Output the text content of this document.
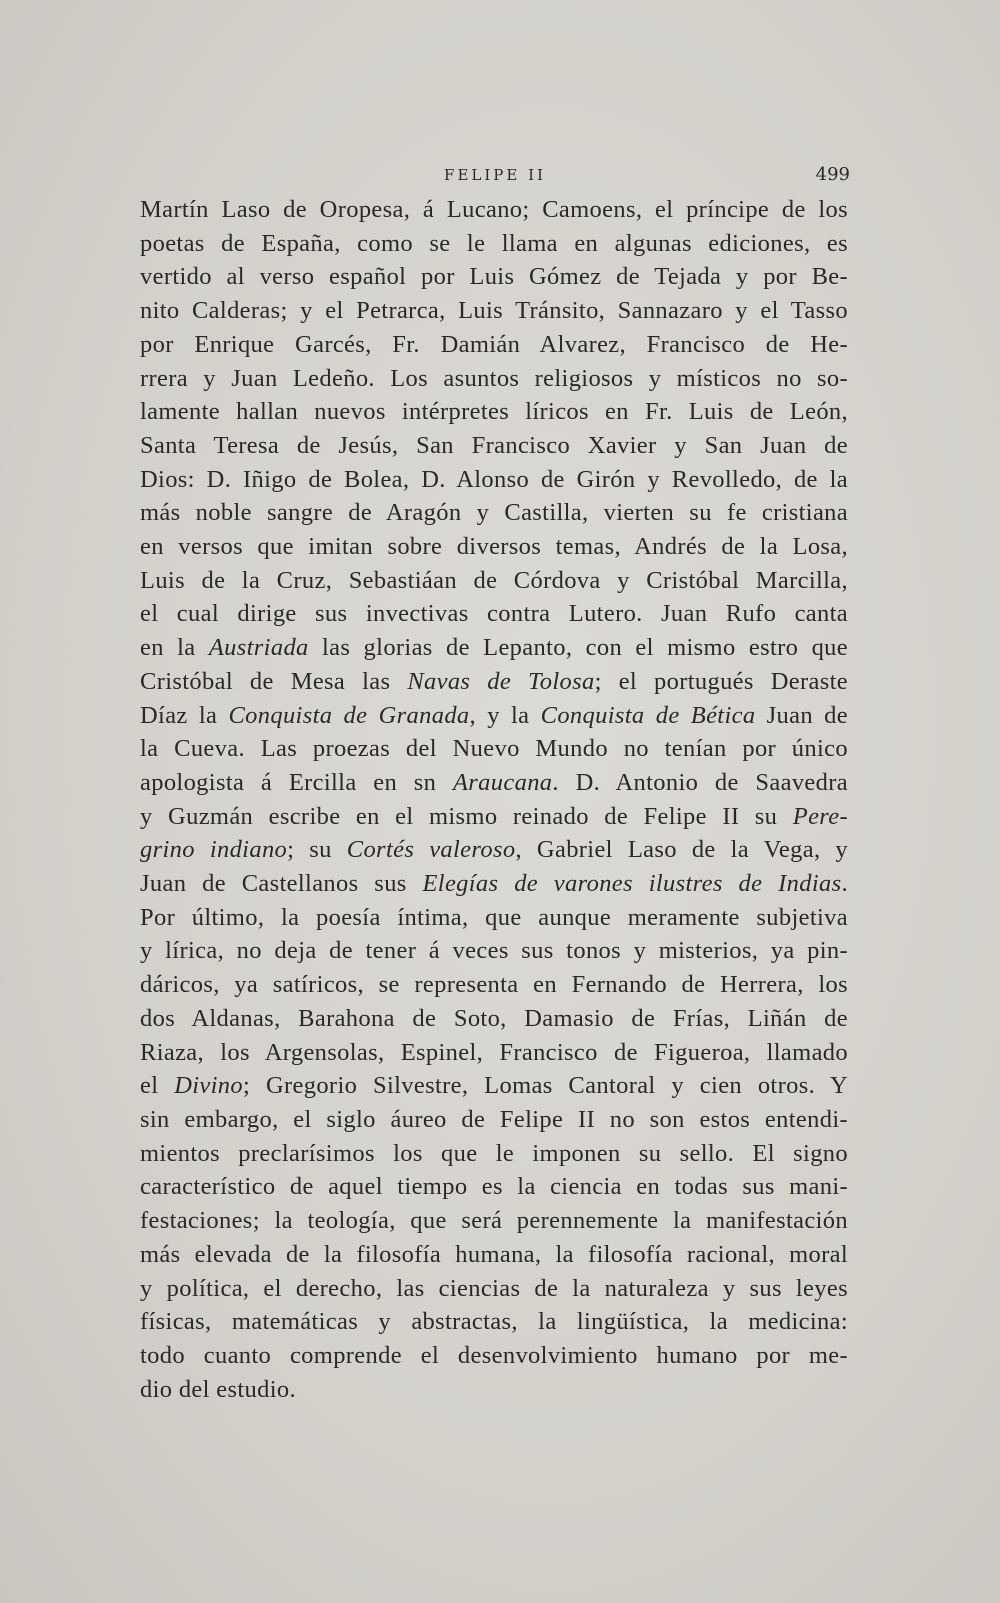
FELIPE II	499
Martín Laso de Oropesa, á Lucano; Camoens, el príncipe de los
poetas de España, como se le llama en algunas ediciones, es
vertido al verso español por Luis Gómez de Tejada y por Be-
nito Calderas; y el Petrarca, Luis Tránsito, Sannazaro y el Tasso
por Enrique Garcés, Fr. Damián Alvarez, Francisco de He-
rrera y Juan Ledeño. Los asuntos religiosos y místicos no so-
lamente hallan nuevos intérpretes líricos en Fr. Luis de León,
Santa Teresa de Jesús, San Francisco Xavier y San Juan de
Dios: D. Iñigo de Bolea, D. Alonso de Girón y Revolledo, de la
más noble sangre de Aragón y Castilla, vierten su fe cristiana
en versos que imitan sobre diversos temas, Andrés de la Losa,
Luis de la Cruz, Sebastiáan de Córdova y Cristóbal Marcilla,
el cual dirige sus invectivas contra Lutero. Juan Rufo canta
en la Austriada las glorias de Lepanto, con el mismo estro que
Cristóbal de Mesa las Navas de Tolosa; el portugués Deraste
Díaz la Conquista de Granada, y la Conquista de Bética Juan de
la Cueva. Las proezas del Nuevo Mundo no tenían por único
apologista á Ercilla en sn Araucana. D. Antonio de Saavedra
y Guzmán escribe en el mismo reinado de Felipe II su Pere-
grino indiano; su Cortés valeroso, Gabriel Laso de la Vega, y
Juan de Castellanos sus Elegías de varones ilustres de Indias.
Por último, la poesía íntima, que aunque meramente subjetiva
y lírica, no deja de tener á veces sus tonos y misterios, ya pin-
dáricos, ya satíricos, se representa en Fernando de Herrera, los
dos Aldanas, Barahona de Soto, Damasio de Frías, Liñán de
Riaza, los Argensolas, Espinel, Francisco de Figueroa, llamado
el Divino; Gregorio Silvestre, Lomas Cantoral y cien otros. Y
sin embargo, el siglo áureo de Felipe II no son estos entendi-
mientos preclarísimos los que le imponen su sello. El signo
característico de aquel tiempo es la ciencia en todas sus mani-
festaciones; la teología, que será perennemente la manifestación
más elevada de la filosofía humana, la filosofía racional, moral
y política, el derecho, las ciencias de la naturaleza y sus leyes
físicas, matemáticas y abstractas, la lingüística, la medicina:
todo cuanto comprende el desenvolvimiento humano por me-
dio del estudio.
